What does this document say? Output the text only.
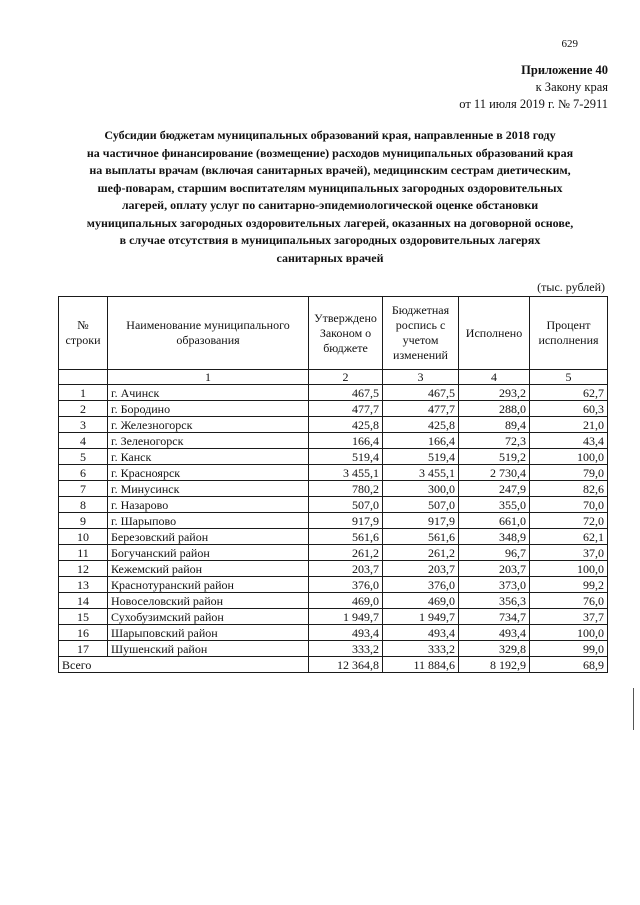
629
Приложение 40
к Закону края
от 11 июля 2019 г. № 7-2911
Субсидии бюджетам муниципальных образований края, направленные в 2018 году
на частичное финансирование (возмещение) расходов муниципальных образований края
на выплаты врачам (включая санитарных врачей), медицинским сестрам диетическим,
шеф-поварам, старшим воспитателям муниципальных загородных оздоровительных
лагерей, оплату услуг по санитарно-эпидемиологической оценке обстановки
муниципальных загородных оздоровительных лагерей, оказанных на договорной основе,
в случае отсутствия в муниципальных загородных оздоровительных лагерях
санитарных врачей
(тыс. рублей)
№ строки	Наименование муниципального образования	Утверждено Законом о бюджете	Бюджетная роспись с учетом изменений	Исполнено	Процент исполнения
	1	2	3	4	5
1	г. Ачинск	467,5	467,5	293,2	62,7
2	г. Бородино	477,7	477,7	288,0	60,3
3	г. Железногорск	425,8	425,8	89,4	21,0
4	г. Зеленогорск	166,4	166,4	72,3	43,4
5	г. Канск	519,4	519,4	519,2	100,0
6	г. Красноярск	3 455,1	3 455,1	2 730,4	79,0
7	г. Минусинск	780,2	300,0	247,9	82,6
8	г. Назарово	507,0	507,0	355,0	70,0
9	г. Шарыпово	917,9	917,9	661,0	72,0
10	Березовский район	561,6	561,6	348,9	62,1
11	Богучанский район	261,2	261,2	96,7	37,0
12	Кежемский район	203,7	203,7	203,7	100,0
13	Краснотуранский район	376,0	376,0	373,0	99,2
14	Новоселовский район	469,0	469,0	356,3	76,0
15	Сухобузимский район	1 949,7	1 949,7	734,7	37,7
16	Шарыповский район	493,4	493,4	493,4	100,0
17	Шушенский район	333,2	333,2	329,8	99,0
Всего		12 364,8	11 884,6	8 192,9	68,9
